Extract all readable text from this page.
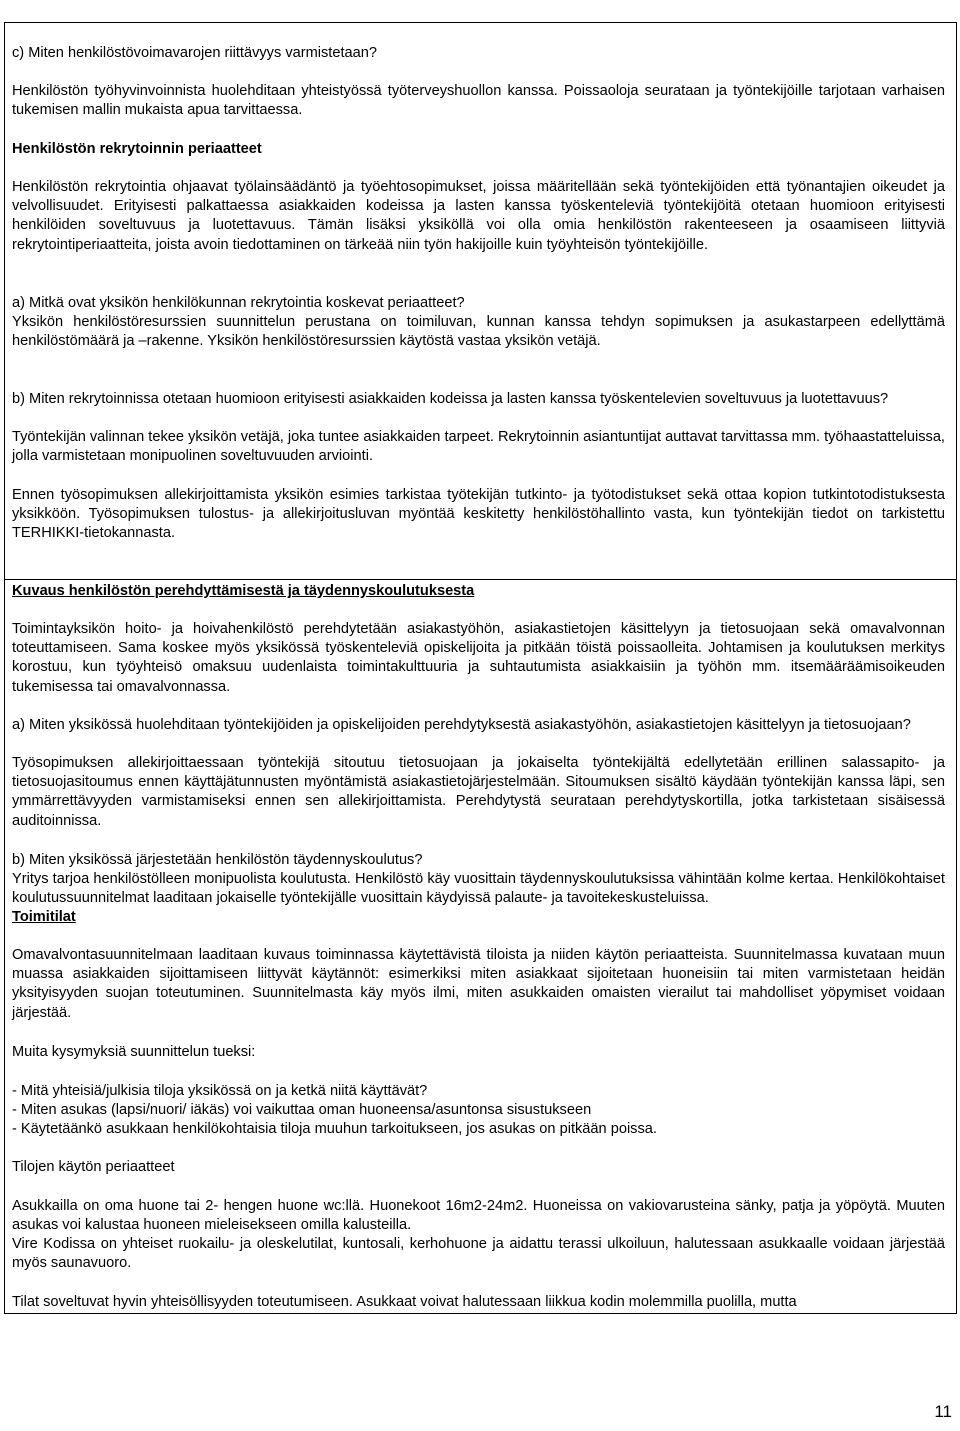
c) Miten henkilöstövoimavarojen riittävyys varmistetaan?

Henkilöstön työhyvinvoinnista huolehditaan yhteistyössä työterveyshuollon kanssa. Poissaoloja seurataan ja työntekijöille tarjotaan varhaisen tukemisen mallin mukaista apua tarvittaessa.

Henkilöstön rekrytoinnin periaatteet

Henkilöstön rekrytointia ohjaavat työlainsäädäntö ja työehtosopimukset, joissa määritellään sekä työntekijöiden että työnantajien oikeudet ja velvollisuudet. Erityisesti palkattaessa asiakkaiden kodeissa ja lasten kanssa työskenteleviä työntekijöitä otetaan huomioon erityisesti henkilöiden soveltuvuus ja luotettavuus. Tämän lisäksi yksiköllä voi olla omia henkilöstön rakenteeseen ja osaamiseen liittyviä rekrytointiperiaatteita, joista avoin tiedottaminen on tärkeää niin työn hakijoille kuin työyhteisön työntekijöille.

a) Mitkä ovat yksikön henkilökunnan rekrytointia koskevat periaatteet?

Yksikön henkilöstöresurssien suunnittelun perustana on toimiluvan, kunnan kanssa tehdyn sopimuksen ja asukastarpeen edellyttämä henkilöstömäärä ja –rakenne. Yksikön henkilöstöresurssien käytöstä vastaa yksikön vetäjä.

b) Miten rekrytoinnissa otetaan huomioon erityisesti asiakkaiden kodeissa ja lasten kanssa työskentelevien soveltuvuus ja luotettavuus?

Työntekijän valinnan tekee yksikön vetäjä, joka tuntee asiakkaiden tarpeet. Rekrytoinnin asiantuntijat auttavat tarvittassa mm. työhaastatteluissa, jolla varmistetaan monipuolinen soveltuvuuden arviointi.

Ennen työsopimuksen allekirjoittamista yksikön esimies tarkistaa työtekijän tutkinto- ja työtodistukset sekä ottaa kopion tutkintotodistuksesta yksikköön. Työsopimuksen tulostus- ja allekirjoitusluvan myöntää keskitetty henkilöstöhallinto vasta, kun työntekijän tiedot on tarkistettu TERHIKKI-tietokannasta.

Kuvaus henkilöstön perehdyttämisestä ja täydennyskoulutuksesta

Toimintayksikön hoito- ja hoivahenkilöstö perehdytetään asiakastyöhön, asiakastietojen käsittelyyn ja tietosuojaan sekä omavalvonnan toteuttamiseen. Sama koskee myös yksikössä työskenteleviä opiskelijoita ja pitkään töistä poissaolleita. Johtamisen ja koulutuksen merkitys korostuu, kun työyhteisö omaksuu uudenlaista toimintakulttuuria ja suhtautumista asiakkaisiin ja työhön mm. itsemääräämisoikeuden tukemisessa tai omavalvonnassa.

a) Miten yksikössä huolehditaan työntekijöiden ja opiskelijoiden perehdytyksestä asiakastyöhön, asiakastietojen käsittelyyn ja tietosuojaan?

Työsopimuksen allekirjoittaessaan työntekijä sitoutuu tietosuojaan ja jokaiselta työntekijältä edellytetään erillinen salassapito- ja tietosuojasitoumus ennen käyttäjätunnusten myöntämistä asiakastietojärjestelmään. Sitoumuksen sisältö käydään työntekijän kanssa läpi, sen ymmärrettävyyden varmistamiseksi ennen sen allekirjoittamista. Perehdytystä seurataan perehdytyskortilla, jotka tarkistetaan sisäisessä auditoinnissa.

b) Miten yksikössä järjestetään henkilöstön täydennyskoulutus?

Yritys tarjoa henkilöstölleen monipuolista koulutusta. Henkilöstö käy vuosittain täydennyskoulutuksissa vähintään kolme kertaa. Henkilökohtaiset koulutussuunnitelmat laaditaan jokaiselle työntekijälle vuosittain käydyissä palaute- ja tavoitekeskusteluissa.

Toimitilat

Omavalvontasuunnitelmaan laaditaan kuvaus toiminnassa käytettävistä tiloista ja niiden käytön periaatteista. Suunnitelmassa kuvataan muun muassa asiakkaiden sijoittamiseen liittyvät käytännöt: esimerkiksi miten asiakkaat sijoitetaan huoneisiin tai miten varmistetaan heidän yksityisyyden suojan toteutuminen. Suunnitelmasta käy myös ilmi, miten asukkaiden omaisten vierailut tai mahdolliset yöpymiset voidaan järjestää.

Muita kysymyksiä suunnittelun tueksi:

- Mitä yhteisiä/julkisia tiloja yksikössä on ja ketkä niitä käyttävät?

- Miten asukas (lapsi/nuori/ iäkäs) voi vaikuttaa oman huoneensa/asuntonsa sisustukseen

- Käytetäänkö asukkaan henkilökohtaisia tiloja muuhun tarkoitukseen, jos asukas on pitkään poissa.

Tilojen käytön periaatteet

Asukkailla on oma huone tai 2- hengen huone wc:llä. Huonekoot 16m2-24m2. Huoneissa on vakiovarusteina sänky, patja ja yöpöytä. Muuten asukas voi kalustaa huoneen mieleisekseen omilla kalusteilla.

Vire Kodissa on yhteiset ruokailu- ja oleskelutilat, kuntosali, kerhohuone ja aidattu terassi ulkoiluun, halutessaan asukkaalle voidaan järjestää myös saunavuoro.

Tilat soveltuvat hyvin yhteisöllisyyden toteutumiseen. Asukkaat voivat halutessaan liikkua kodin molemmilla puolilla, mutta

11
